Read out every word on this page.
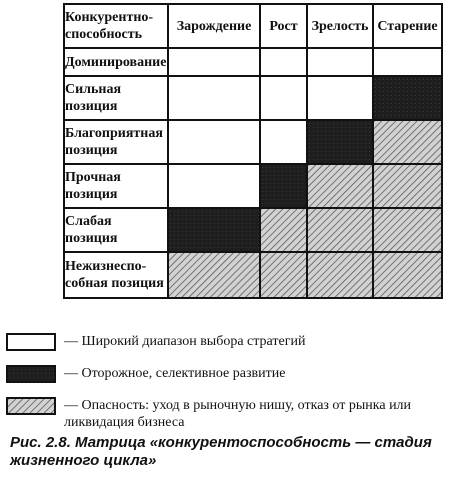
Конкурентно-способность	Зарождение	Рост	Зрелость	Старение
Доминирование	

Сильная позиция	

Благоприятная позиция	

Прочная позиция	

Слабая позиция	

Нежизнеспо-собная позиция	

— Широкий диапазон выбора стратегий
— Оторожное, селективное развитие
— Опасность: уход в рыночную нишу, отказ от рынка или ликвидация бизнеса
Рис. 2.8. Матрица «конкурентоспособность — стадия жизненного цикла»
